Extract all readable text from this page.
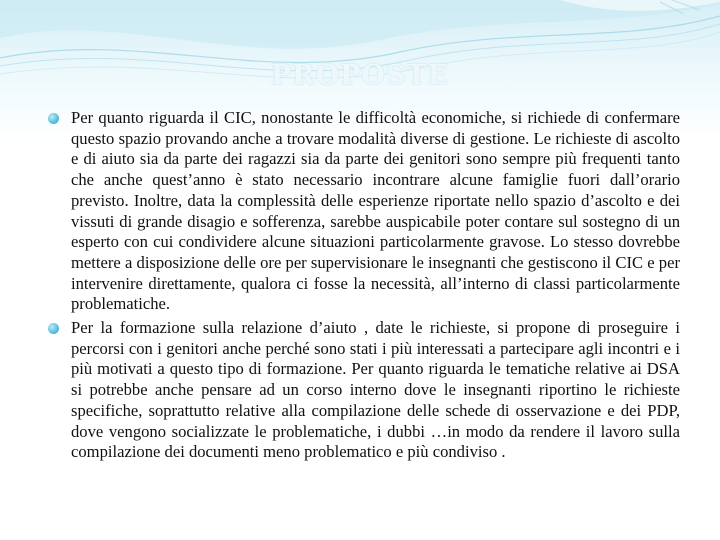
PROPOSTE
Per quanto riguarda il CIC, nonostante le difficoltà economiche, si richiede di confermare questo spazio provando anche a trovare modalità diverse di gestione. Le richieste di ascolto e di aiuto sia da parte dei ragazzi sia da parte dei genitori sono sempre più frequenti tanto che anche quest’anno è stato necessario incontrare alcune famiglie fuori dall’orario previsto. Inoltre, data la complessità delle esperienze riportate nello spazio d’ascolto e dei vissuti di grande disagio e sofferenza, sarebbe auspicabile poter contare sul sostegno di un esperto con cui condividere alcune situazioni particolarmente gravose. Lo stesso dovrebbe mettere a disposizione delle ore per supervisionare le insegnanti che gestiscono il CIC e per intervenire direttamente, qualora ci fosse la necessità, all’interno di classi particolarmente problematiche.
Per la formazione sulla relazione d’aiuto , date le richieste, si propone di proseguire i percorsi con i genitori anche perché sono stati i più interessati a partecipare agli incontri e i più motivati a questo tipo di formazione. Per quanto riguarda le tematiche relative ai DSA si potrebbe anche pensare ad un corso interno dove le insegnanti riportino le richieste specifiche, soprattutto relative alla compilazione delle schede di osservazione e dei PDP, dove vengono socializzate le problematiche, i dubbi …in modo da rendere il lavoro sulla compilazione dei documenti meno problematico e più condiviso .
